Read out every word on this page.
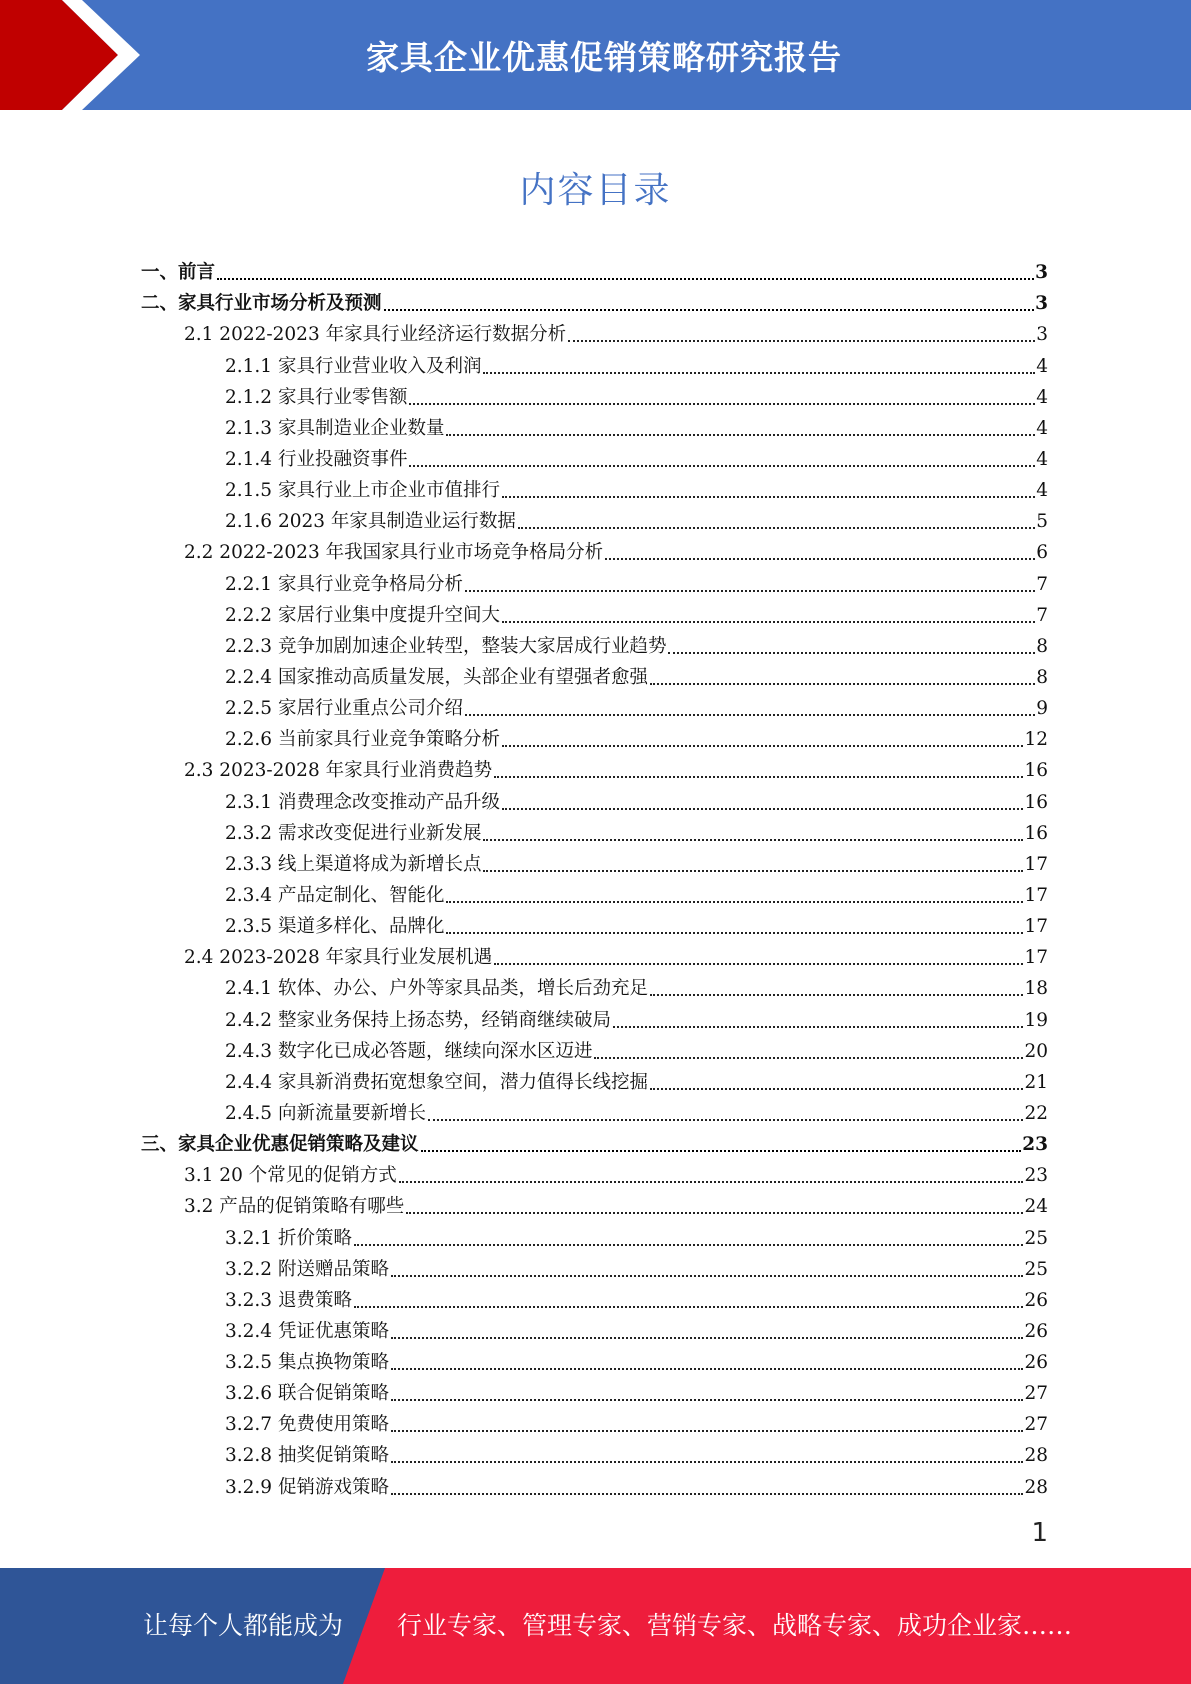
家具企业优惠促销策略研究报告
内容目录
一、前言	3
二、家具行业市场分析及预测	3
2.1 2022-2023 年家具行业经济运行数据分析	3
2.1.1 家具行业营业收入及利润	4
2.1.2 家具行业零售额	4
2.1.3 家具制造业企业数量	4
2.1.4 行业投融资事件	4
2.1.5 家具行业上市企业市值排行	4
2.1.6 2023 年家具制造业运行数据	5
2.2 2022-2023 年我国家具行业市场竞争格局分析	6
2.2.1 家具行业竞争格局分析	7
2.2.2 家居行业集中度提升空间大	7
2.2.3 竞争加剧加速企业转型，整装大家居成行业趋势	8
2.2.4 国家推动高质量发展，头部企业有望强者愈强	8
2.2.5 家居行业重点公司介绍	9
2.2.6 当前家具行业竞争策略分析	12
2.3 2023-2028 年家具行业消费趋势	16
2.3.1 消费理念改变推动产品升级	16
2.3.2 需求改变促进行业新发展	16
2.3.3 线上渠道将成为新增长点	17
2.3.4 产品定制化、智能化	17
2.3.5 渠道多样化、品牌化	17
2.4 2023-2028 年家具行业发展机遇	17
2.4.1 软体、办公、户外等家具品类，增长后劲充足	18
2.4.2 整家业务保持上扬态势，经销商继续破局	19
2.4.3 数字化已成必答题，继续向深水区迈进	20
2.4.4 家具新消费拓宽想象空间，潜力值得长线挖掘	21
2.4.5 向新流量要新增长	22
三、家具企业优惠促销策略及建议	23
3.1 20 个常见的促销方式	23
3.2 产品的促销策略有哪些	24
3.2.1 折价策略	25
3.2.2 附送赠品策略	25
3.2.3 退费策略	26
3.2.4 凭证优惠策略	26
3.2.5 集点换物策略	26
3.2.6 联合促销策略	27
3.2.7 免费使用策略	27
3.2.8 抽奖促销策略	28
3.2.9 促销游戏策略	28
1
让每个人都能成为 行业专家、管理专家、营销专家、战略专家、成功企业家……
